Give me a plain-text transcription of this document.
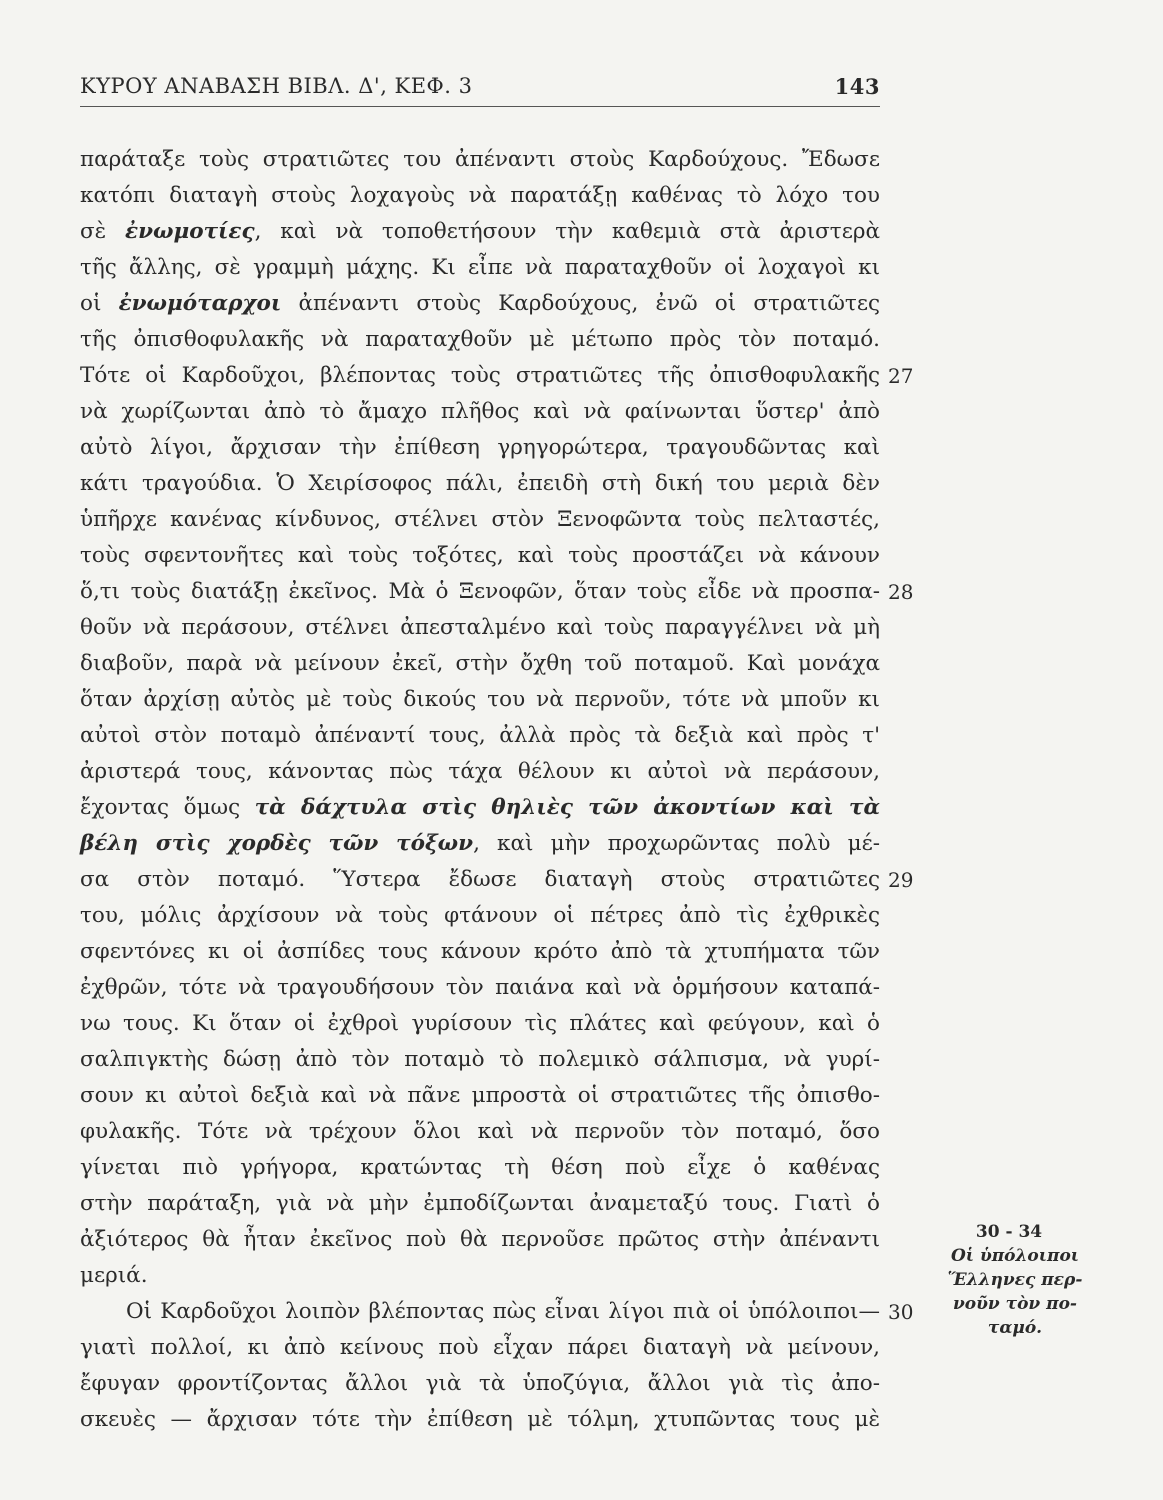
ΚΥΡΟΥ ΑΝΑΒΑΣΗ ΒΙΒΛ. Δ', ΚΕΦ. 3	143
παράταξε τοὺς στρατιῶτες του ἀπέναντι στοὺς Καρδούχους. Ἔδωσε
κατόπι διαταγὴ στοὺς λοχαγοὺς νὰ παρατάξῃ καθένας τὸ λόχο του
σὲ ἐνωμοτίες, καὶ νὰ τοποθετήσουν τὴν καθεμιὰ στὰ ἀριστερὰ
τῆς ἄλλης, σὲ γραμμὴ μάχης. Κι εἶπε νὰ παραταχθοῦν οἱ λοχαγοὶ κι
οἱ ἐνωμόταρχοι ἀπέναντι στοὺς Καρδούχους, ἐνῶ οἱ στρατιῶτες
τῆς ὀπισθοφυλακῆς νὰ παραταχθοῦν μὲ μέτωπο πρὸς τὸν ποταμό.
Τότε οἱ Καρδοῦχοι, βλέποντας τοὺς στρατιῶτες τῆς ὀπισθοφυλακῆς
νὰ χωρίζωνται ἀπὸ τὸ ἄμαχο πλῆθος καὶ νὰ φαίνωνται ὕστερ' ἀπὸ
αὐτὸ λίγοι, ἄρχισαν τὴν ἐπίθεση γρηγορώτερα, τραγουδῶντας καὶ
κάτι τραγούδια. Ὁ Χειρίσοφος πάλι, ἐπειδὴ στὴ δική του μεριὰ δὲν
ὑπῆρχε κανένας κίνδυνος, στέλνει στὸν Ξενοφῶντα τοὺς πελταστές,
τοὺς σφεντονῆτες καὶ τοὺς τοξότες, καὶ τοὺς προστάζει νὰ κάνουν
ὅ,τι τοὺς διατάξῃ ἐκεῖνος. Μὰ ὁ Ξενοφῶν, ὅταν τοὺς εἶδε νὰ προσπα-
θοῦν νὰ περάσουν, στέλνει ἀπεσταλμένο καὶ τοὺς παραγγέλνει νὰ μὴ
διαβοῦν, παρὰ νὰ μείνουν ἐκεῖ, στὴν ὄχθη τοῦ ποταμοῦ. Καὶ μονάχα
ὅταν ἀρχίσῃ αὐτὸς μὲ τοὺς δικούς του νὰ περνοῦν, τότε νὰ μποῦν κι
αὐτοὶ στὸν ποταμὸ ἀπέναντί τους, ἀλλὰ πρὸς τὰ δεξιὰ καὶ πρὸς τ'
ἀριστερά τους, κάνοντας πὼς τάχα θέλουν κι αὐτοὶ νὰ περάσουν,
ἔχοντας ὅμως τὰ δάχτυλα στὶς θηλιὲς τῶν ἀκοντίων καὶ τὰ
βέλη στὶς χορδὲς τῶν τόξων, καὶ μὴν προχωρῶντας πολὺ μέ-
σα στὸν ποταμό. Ὕστερα ἔδωσε διαταγὴ στοὺς στρατιῶτες
του, μόλις ἀρχίσουν νὰ τοὺς φτάνουν οἱ πέτρες ἀπὸ τὶς ἐχθρικὲς
σφεντόνες κι οἱ ἀσπίδες τους κάνουν κρότο ἀπὸ τὰ χτυπήματα τῶν
ἐχθρῶν, τότε νὰ τραγουδήσουν τὸν παιάνα καὶ νὰ ὁρμήσουν καταπά-
νω τους. Κι ὅταν οἱ ἐχθροὶ γυρίσουν τὶς πλάτες καὶ φεύγουν, καὶ ὁ
σαλπιγκτὴς δώσῃ ἀπὸ τὸν ποταμὸ τὸ πολεμικὸ σάλπισμα, νὰ γυρί-
σουν κι αὐτοὶ δεξιὰ καὶ νὰ πᾶνε μπροστὰ οἱ στρατιῶτες τῆς ὀπισθο-
φυλακῆς. Τότε νὰ τρέχουν ὅλοι καὶ νὰ περνοῦν τὸν ποταμό, ὅσο
γίνεται πιὸ γρήγορα, κρατώντας τὴ θέση ποὺ εἶχε ὁ καθένας
στὴν παράταξη, γιὰ νὰ μὴν ἐμποδίζωνται ἀναμεταξύ τους. Γιατὶ ὁ
ἀξιότερος θὰ ἦταν ἐκεῖνος ποὺ θὰ περνοῦσε πρῶτος στὴν ἀπέναντι
μεριά.
Οἱ Καρδοῦχοι λοιπὸν βλέποντας πὼς εἶναι λίγοι πιὰ οἱ ὑπόλοιποι—
γιατὶ πολλοί, κι ἀπὸ κείνους ποὺ εἶχαν πάρει διαταγὴ νὰ μείνουν,
ἔφυγαν φροντίζοντας ἄλλοι γιὰ τὰ ὑποζύγια, ἄλλοι γιὰ τὶς ἀπο-
σκευὲς — ἄρχισαν τότε τὴν ἐπίθεση μὲ τόλμη, χτυπῶντας τους μὲ
27
28
29
30
30 - 34
Οἱ ὑπόλοιποι
Ἕλληνες περ-
νοῦν τὸν πο-
ταμό.
